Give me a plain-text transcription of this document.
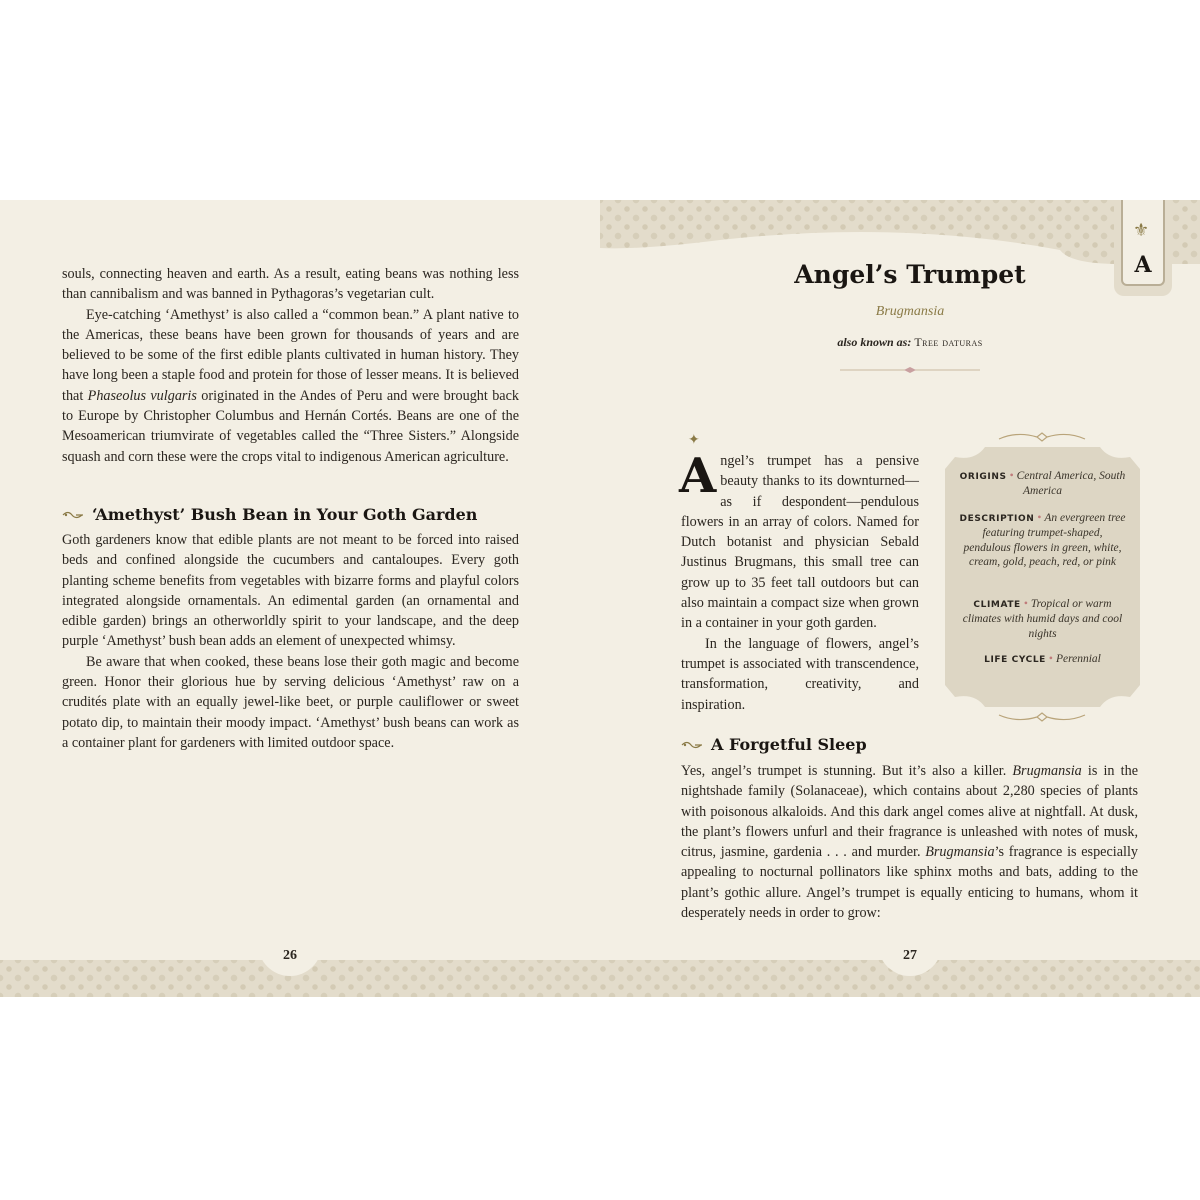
⚜
A

souls, connecting heaven and earth. As a result, eating beans was nothing less than cannibalism and was banned in Pythagoras’s vegetarian cult.

Eye-catching ‘Amethyst’ is also called a “common bean.” A plant native to the Americas, these beans have been grown for thousands of years and are believed to be some of the first edible plants cultivated in human history. They have long been a staple food and protein for those of lesser means. It is believed that Phaseolus vulgaris originated in the Andes of Peru and were brought back to Europe by Christopher Columbus and Hernán Cortés. Beans are one of the Mesoamerican triumvirate of vegetables called the “Three Sisters.” Alongside squash and corn these were the crops vital to indigenous American agriculture.

‘Amethyst’ Bush Bean in Your Goth Garden

Goth gardeners know that edible plants are not meant to be forced into raised beds and confined alongside the cucumbers and cantaloupes. Every goth planting scheme benefits from vegetables with bizarre forms and playful colors integrated alongside ornamentals. An edimental garden (an ornamental and edible garden) brings an otherworldly spirit to your landscape, and the deep purple ‘Amethyst’ bush bean adds an element of unexpected whimsy.

Be aware that when cooked, these beans lose their goth magic and become green. Honor their glorious hue by serving delicious ‘Amethyst’ raw on a crudités plate with an equally jewel-like beet, or purple cauliflower or sweet potato dip, to maintain their moody impact. ‘Amethyst’ bush beans can work as a container plant for gardeners with limited outdoor space.

26
Angel’s Trumpet
Brugmansia
also known as: Tree daturas
✦

Angel’s trumpet has a pensive beauty thanks to its downturned—as if despondent—pendulous flowers in an array of colors. Named for Dutch botanist and physician Sebald Justinus Brugmans, this small tree can grow up to 35 feet tall outdoors but can also maintain a compact size when grown in a container in your goth garden.

In the language of flowers, angel’s trumpet is associated with transcendence, transformation, creativity, and inspiration.

ORIGINS • Central America, South America
DESCRIPTION • An evergreen tree featuring trumpet-shaped, pendulous flowers in green, white, cream, gold, peach, red, or pink
CLIMATE • Tropical or warm climates with humid days and cool nights
LIFE CYCLE • Perennial
A Forgetful Sleep

Yes, angel’s trumpet is stunning. But it’s also a killer. Brugmansia is in the nightshade family (Solanaceae), which contains about 2,280 species of plants with poisonous alkaloids. And this dark angel comes alive at nightfall. At dusk, the plant’s flowers unfurl and their fragrance is unleashed with notes of musk, citrus, jasmine, gardenia . . . and murder. Brugmansia’s fragrance is especially appealing to nocturnal pollinators like sphinx moths and bats, adding to the plant’s gothic allure. Angel’s trumpet is equally enticing to humans, whom it desperately needs in order to grow:

27
